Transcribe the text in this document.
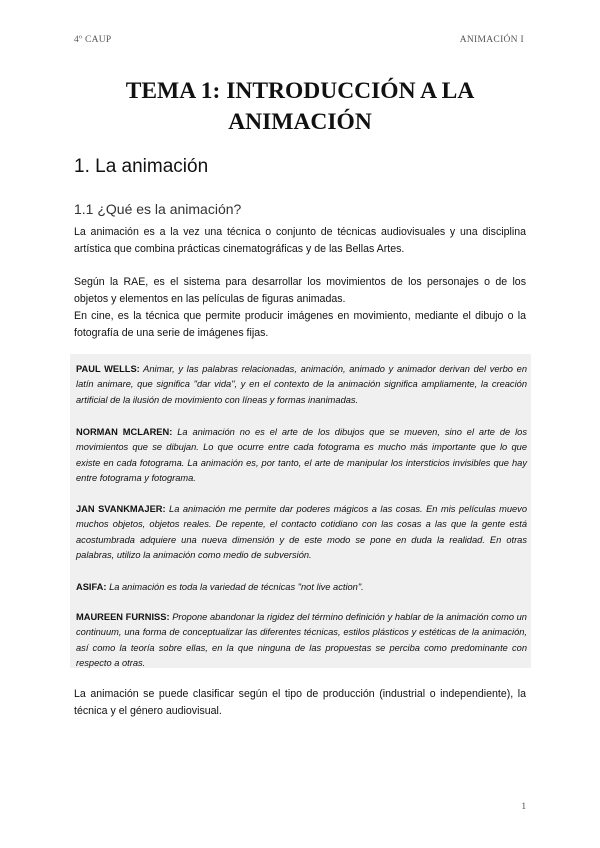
4º CAUP	ANIMACIÓN I
TEMA 1: INTRODUCCIÓN A LA
ANIMACIÓN
1. La animación
1.1 ¿Qué es la animación?

La animación es a la vez una técnica o conjunto de técnicas audiovisuales y una disciplina artística que combina prácticas cinematográficas y de las Bellas Artes.

Según la RAE, es el sistema para desarrollar los movimientos de los personajes o de los objetos y elementos en las películas de figuras animadas.

En cine, es la técnica que permite producir imágenes en movimiento, mediante el dibujo o la fotografía de una serie de imágenes fijas.

PAUL WELLS: Animar, y las palabras relacionadas, animación, animado y animador derivan del verbo en latín animare, que significa "dar vida", y en el contexto de la animación significa ampliamente, la creación artificial de la ilusión de movimiento con líneas y formas inanimadas.

NORMAN MCLAREN: La animación no es el arte de los dibujos que se mueven, sino el arte de los movimientos que se dibujan. Lo que ocurre entre cada fotograma es mucho más importante que lo que existe en cada fotograma. La animación es, por tanto, el arte de manipular los intersticios invisibles que hay entre fotograma y fotograma.

JAN SVANKMAJER: La animación me permite dar poderes mágicos a las cosas. En mis películas muevo muchos objetos, objetos reales. De repente, el contacto cotidiano con las cosas a las que la gente está acostumbrada adquiere una nueva dimensión y de este modo se pone en duda la realidad. En otras palabras, utilizo la animación como medio de subversión.

ASIFA: La animación es toda la variedad de técnicas "not live action".

MAUREEN FURNISS: Propone abandonar la rigidez del término definición y hablar de la animación como un continuum, una forma de conceptualizar las diferentes técnicas, estilos plásticos y estéticas de la animación, así como la teoría sobre ellas, en la que ninguna de las propuestas se perciba como predominante con respecto a otras.

La animación se puede clasificar según el tipo de producción (industrial o independiente), la técnica y el género audiovisual.

1
